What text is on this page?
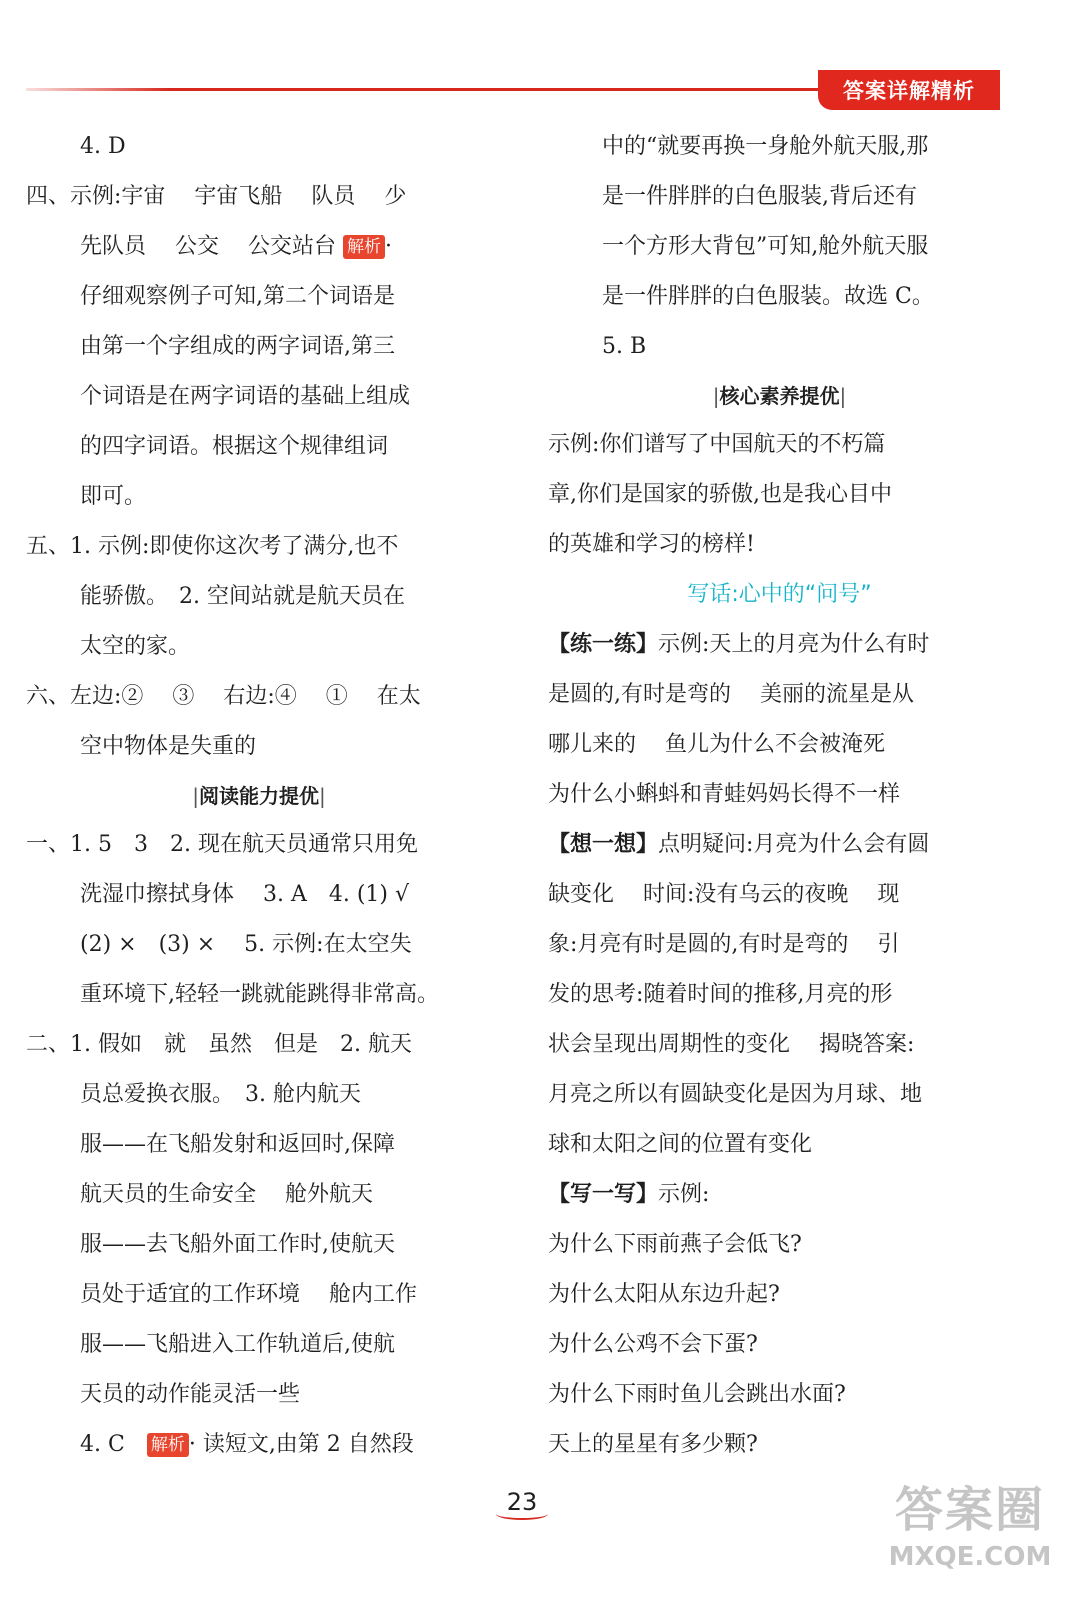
答案详解精析
4. D
四、示例:宇宙　 宇宙飞船　 队员　 少
先队员　 公交　 公交站台 解析 ·
仔细观察例子可知,第二个词语是
由第一个字组成的两字词语,第三
个词语是在两字词语的基础上组成
的四字词语。根据这个规律组词
即可。
五、1. 示例:即使你这次考了满分,也不
能骄傲。　2. 空间站就是航天员在
太空的家。
六、左边:②　 ③　 右边:④　 ①　 在太
空中物体是失重的
|阅读能力提优|
一、1. 5　3　2. 现在航天员通常只用免
洗湿巾擦拭身体　 3. A　4. (1) √
(2) ×　(3) ×　 5. 示例:在太空失
重环境下,轻轻一跳就能跳得非常高。
二、1. 假如　就　虽然　但是　2. 航天
员总爱换衣服。　3. 舱内航天
服——在飞船发射和返回时,保障
航天员的生命安全　 舱外航天
服——去飞船外面工作时,使航天
员处于适宜的工作环境　 舱内工作
服——飞船进入工作轨道后,使航
天员的动作能灵活一些
4. C　解析 · 读短文,由第 2 自然段
中的“就要再换一身舱外航天服,那
是一件胖胖的白色服装,背后还有
一个方形大背包”可知,舱外航天服
是一件胖胖的白色服装。故选 C。
5. B
|核心素养提优|
示例:你们谱写了中国航天的不朽篇
章,你们是国家的骄傲,也是我心目中
的英雄和学习的榜样!
写话:心中的“问号”
【练一练】示例:天上的月亮为什么有时
是圆的,有时是弯的　 美丽的流星是从
哪儿来的　 鱼儿为什么不会被淹死
为什么小蝌蚪和青蛙妈妈长得不一样
【想一想】点明疑问:月亮为什么会有圆
缺变化　 时间:没有乌云的夜晚　 现
象:月亮有时是圆的,有时是弯的　 引
发的思考:随着时间的推移,月亮的形
状会呈现出周期性的变化　 揭晓答案:
月亮之所以有圆缺变化是因为月球、地
球和太阳之间的位置有变化
【写一写】示例:
为什么下雨前燕子会低飞?
为什么太阳从东边升起?
为什么公鸡不会下蛋?
为什么下雨时鱼儿会跳出水面?
天上的星星有多少颗?
23	答案圈
MXQE.COM
